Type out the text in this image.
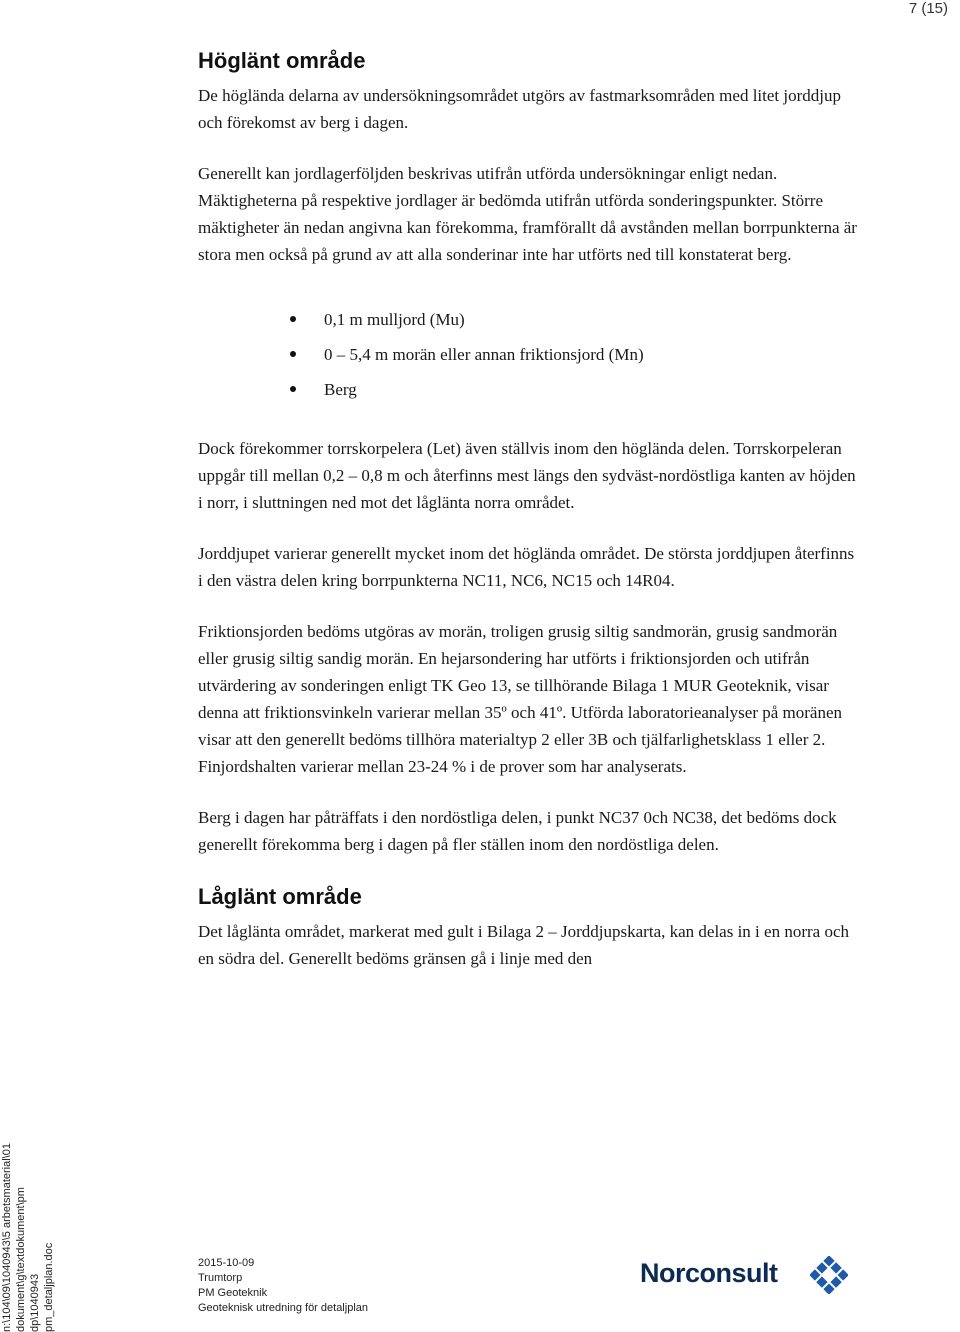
7 (15)
Höglänt område

De höglända delarna av undersökningsområdet utgörs av fastmarksområden med litet jorddjup och förekomst av berg i dagen.

Generellt kan jordlagerföljden beskrivas utifrån utförda undersökningar enligt nedan. Mäktigheterna på respektive jordlager är bedömda utifrån utförda sonderingspunkter. Större mäktigheter än nedan angivna kan förekomma, framförallt då avstånden mellan borrpunkterna är stora men också på grund av att alla sonderinar inte har utförts ned till konstaterat berg.

0,1 m mulljord (Mu)
0 – 5,4 m morän eller annan friktionsjord (Mn)
Berg

Dock förekommer torrskorpelera (Let) även ställvis inom den höglända delen. Torrskorpeleran uppgår till mellan 0,2 – 0,8 m och återfinns mest längs den sydväst-nordöstliga kanten av höjden i norr, i sluttningen ned mot det låglänta norra området.

Jorddjupet varierar generellt mycket inom det höglända området. De största jorddjupen återfinns i den västra delen kring borrpunkterna NC11, NC6, NC15 och 14R04.

Friktionsjorden bedöms utgöras av morän, troligen grusig siltig sandmorän, grusig sandmorän eller grusig siltig sandig morän. En hejarsondering har utförts i friktionsjorden och utifrån utvärdering av sonderingen enligt TK Geo 13, se tillhörande Bilaga 1 MUR Geoteknik, visar denna att friktionsvinkeln varierar mellan 35º och 41º. Utförda laboratorieanalyser på moränen visar att den generellt bedöms tillhöra materialtyp 2 eller 3B och tjälfarlighetsklass 1 eller 2. Finjordshalten varierar mellan 23-24 % i de prover som har analyserats.

Berg i dagen har påträffats i den nordöstliga delen, i punkt NC37 0ch NC38, det bedöms dock generellt förekomma berg i dagen på fler ställen inom den nordöstliga delen.

Låglänt område

Det låglänta området, markerat med gult i Bilaga 2 – Jorddjupskarta, kan delas in i en norra och en södra del. Generellt bedöms gränsen gå i linje med den

n:\104\09\1040943\5 arbetsmaterial\01 dokument\g\textdokument\pm dp\1040943 pm_detaljplan.doc	2015-10-09
Trumtorp
PM Geoteknik
Geoteknisk utredning för detaljplan
Norconsult
